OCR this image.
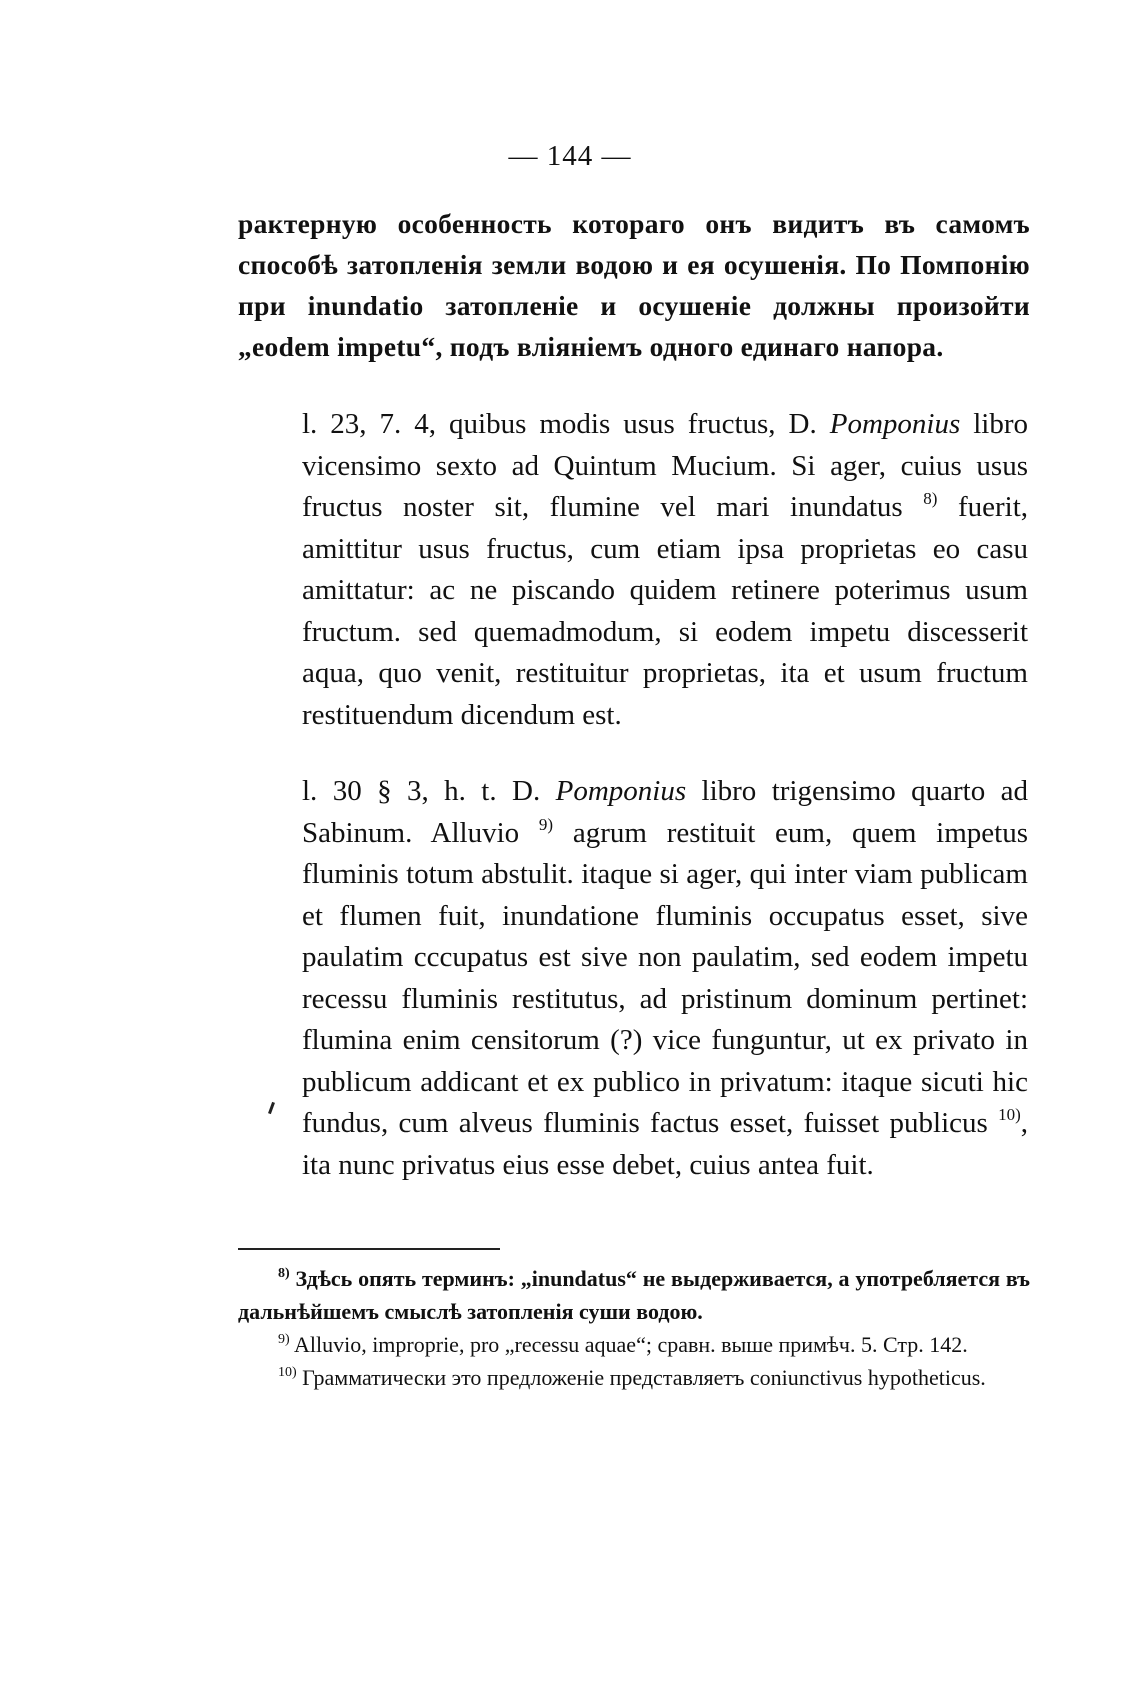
— 144 —
рактерную особенность котораго онъ видитъ въ самомъ способѣ затопленія земли водою и ея осушенія. По Помпонію при inundatio затопленіе и осушеніе должны произойти „eodem impetu“, подъ вліяніемъ одного единаго напора.
l. 23, 7. 4, quibus modis usus fructus, D. Pomponius libro vicensimo sexto ad Quintum Mucium. Si ager, cuius usus fructus noster sit, flumine vel mari inundatus $^{8)}$ fuerit, amittitur usus fructus, cum etiam ipsa proprietas eo casu amittatur: ac ne piscando quidem retinere poterimus usum fructum. sed quemadmodum, si eodem impetu discesserit aqua, quo venit, restituitur proprietas, ita et usum fructum restituendum dicendum est.
l. 30 § 3, h. t. D. Pomponius libro trigensimo quarto ad Sabinum. Alluvio $^{9)}$ agrum restituit eum, quem impetus fluminis totum abstulit. itaque si ager, qui inter viam publicam et flumen fuit, inundatione fluminis occupatus esset, sive paulatim cccupatus est sive non paulatim, sed eodem impetu recessu fluminis restitutus, ad pristinum dominum pertinet: flumina enim censitorum (?) vice funguntur, ut ex privato in publicum addicant et ex publico in privatum: itaque sicuti hic fundus, cum alveus fluminis factus esset, fuisset publicus $^{10)}$, ita nunc privatus eius esse debet, cuius antea fuit.
$^{8)}$ Здѣсь опять терминъ: „inundatus“ не выдерживается, а употребляется въ дальнѣйшемъ смыслѣ затопленія суши водою.
$^{9)}$ Alluvio, improprie, pro „recessu aquae“; сравн. выше примѣч. 5. Стр. 142.
$^{10)}$ Грамматически это предложеніе представляетъ coniunctivus hypotheticus.
